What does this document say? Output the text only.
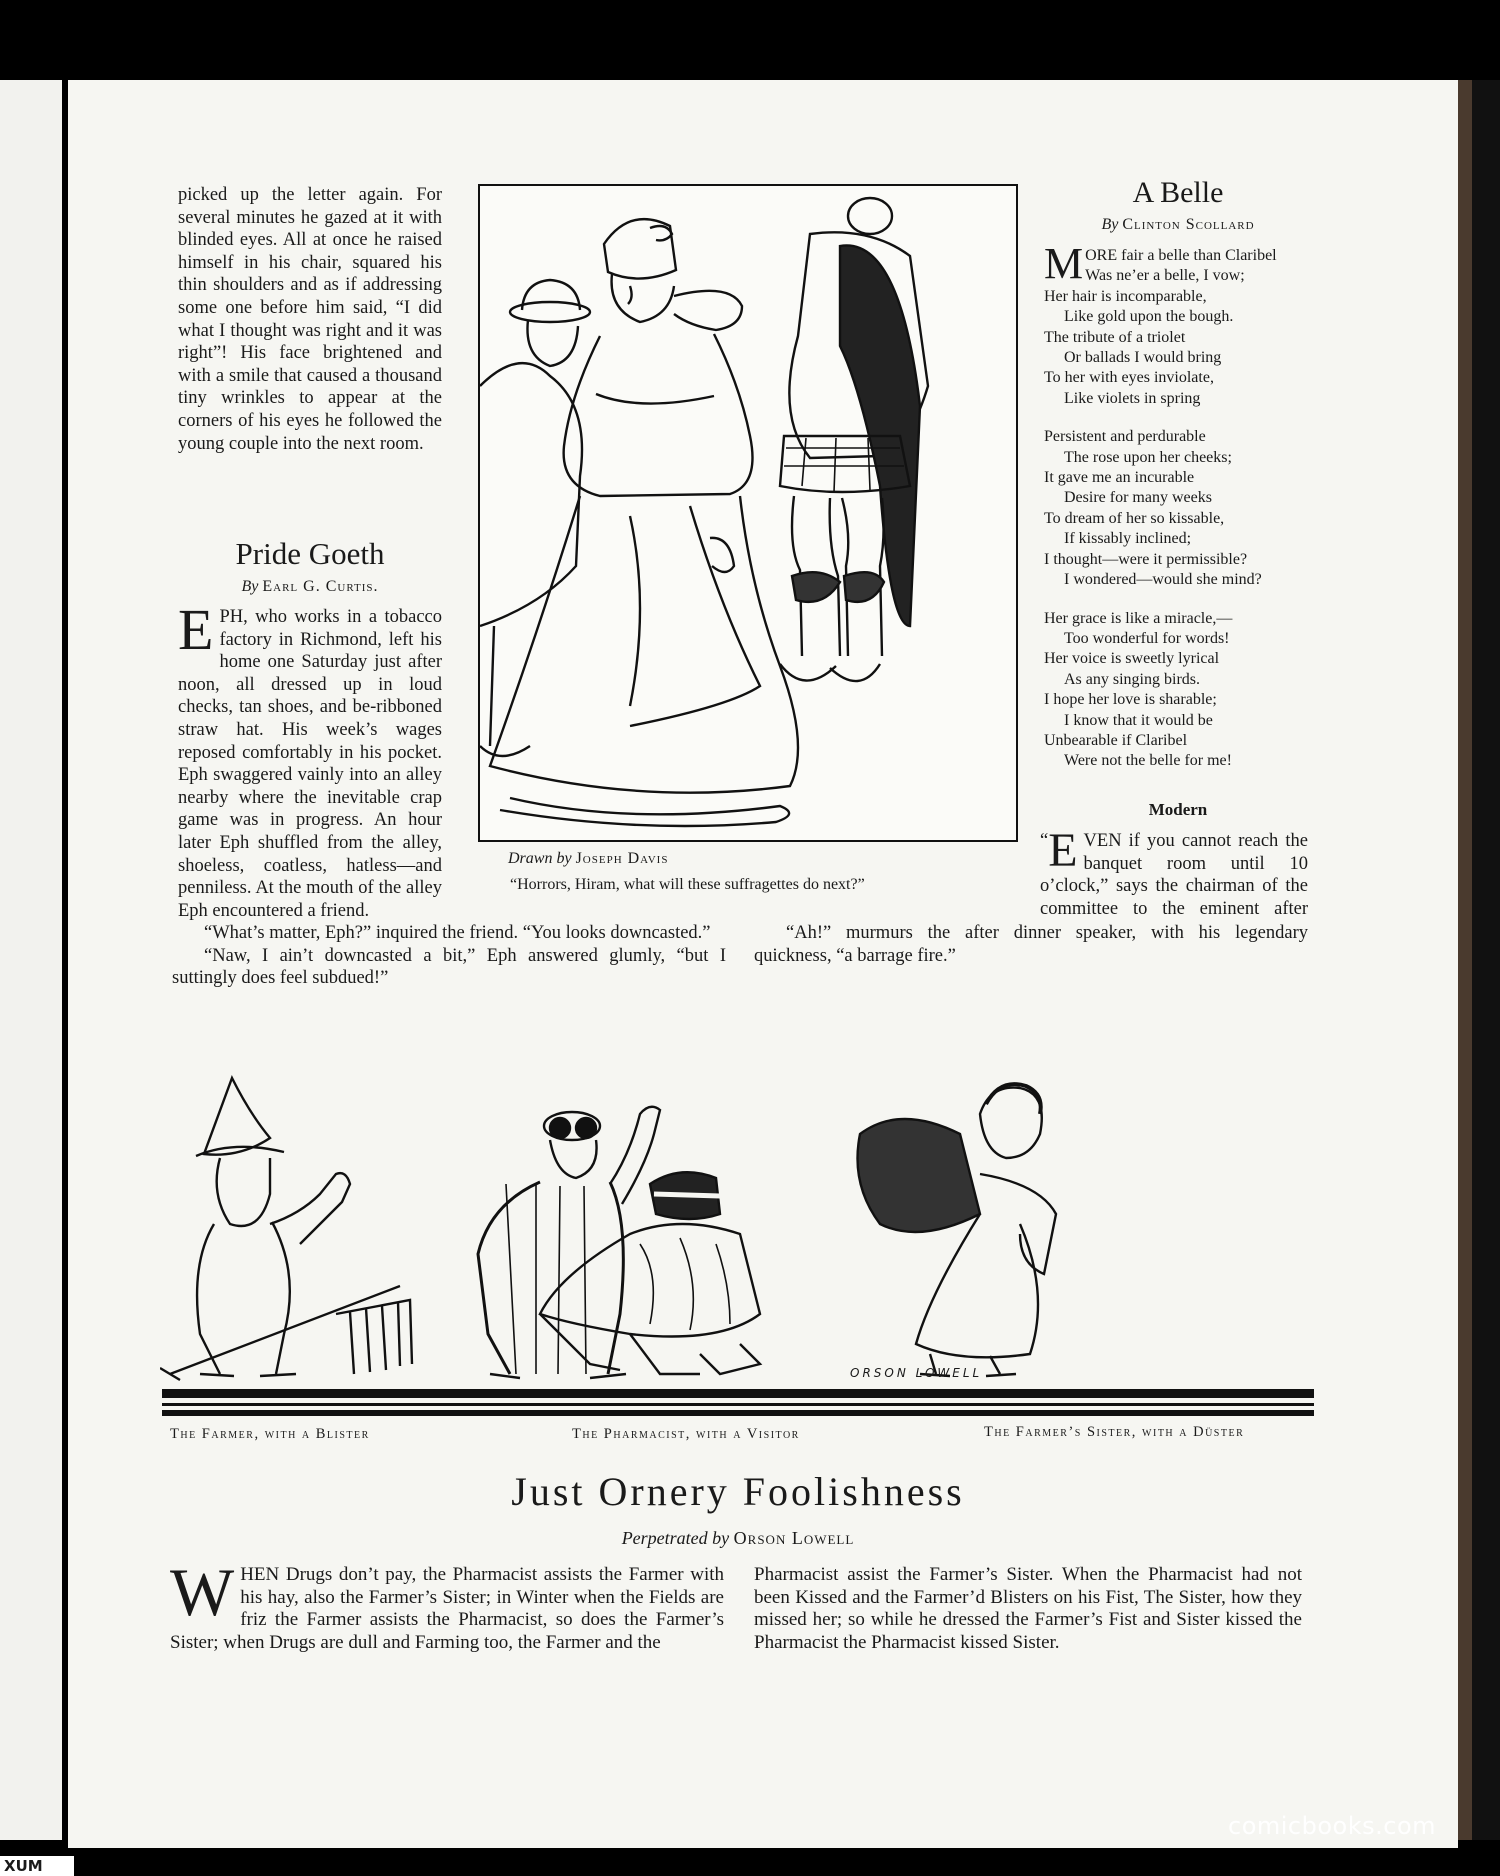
picked up the letter again. For several minutes he gazed at it with blinded eyes. All at once he raised himself in his chair, squared his thin shoulders and as if addressing some one before him said, “I did what I thought was right and it was right”! His face brightened and with a smile that caused a thousand tiny wrinkles to appear at the corners of his eyes he followed the young couple into the next room.

Pride Goeth
By Earl G. Curtis.

EPH, who works in a tobacco factory in Richmond, left his home one Saturday just after noon, all dressed up in loud checks, tan shoes, and be-ribboned straw hat. His week’s wages reposed comfortably in his pocket. Eph swaggered vainly into an alley nearby where the inevitable crap game was in progress. An hour later Eph shuffled from the alley, shoeless, coatless, hatless—and penniless. At the mouth of the alley Eph encountered a friend.

“What’s matter, Eph?” inquired the friend. “You looks downcasted.”

“Naw, I ain’t downcasted a bit,” Eph answered glumly, “but I suttingly does feel subdued!”

Drawn by Joseph Davis
“Horrors, Hiram, what will these suffragettes do next?”
A Belle
By Clinton Scollard
MORE fair a belle than Claribel
Was ne’er a belle, I vow;
Her hair is incomparable,
Like gold upon the bough.
The tribute of a triolet
Or ballads I would bring
To her with eyes inviolate,
Like violets in spring
Persistent and perdurable
The rose upon her cheeks;
It gave me an incurable
Desire for many weeks
To dream of her so kissable,
If kissably inclined;
I thought—were it permissible?
I wondered—would she mind?
Her grace is like a miracle,—
Too wonderful for words!
Her voice is sweetly lyrical
As any singing birds.
I hope her love is sharable;
I know that it would be
Unbearable if Claribel
Were not the belle for me!
Modern

“ E VEN if you cannot reach the banquet room until 10 o’clock,” says the chairman of the committee to the eminent after

“Ah!” murmurs the after dinner speaker, with his legendary quickness, “a barrage fire.”

ORSON LOWELL
The Farmer, with a Blister	The Pharmacist, with a Visitor	The Farmer’s Sister, with a Düster
Just Ornery Foolishness
Perpetrated by Orson Lowell

WHEN Drugs don’t pay, the Pharmacist assists the Farmer with his hay, also the Farmer’s Sister; in Winter when the Fields are friz the Farmer assists the Pharmacist, so does the Farmer’s Sister; when Drugs are dull and Farming too, the Farmer and the

Pharmacist assist the Farmer’s Sister. When the Pharmacist had not been Kissed and the Farmer’d Blisters on his Fist, The Sister, how they missed her; so while he dressed the Farmer’s Fist and Sister kissed the Pharmacist the Pharmacist kissed Sister.

comicbooks.com
XUM
